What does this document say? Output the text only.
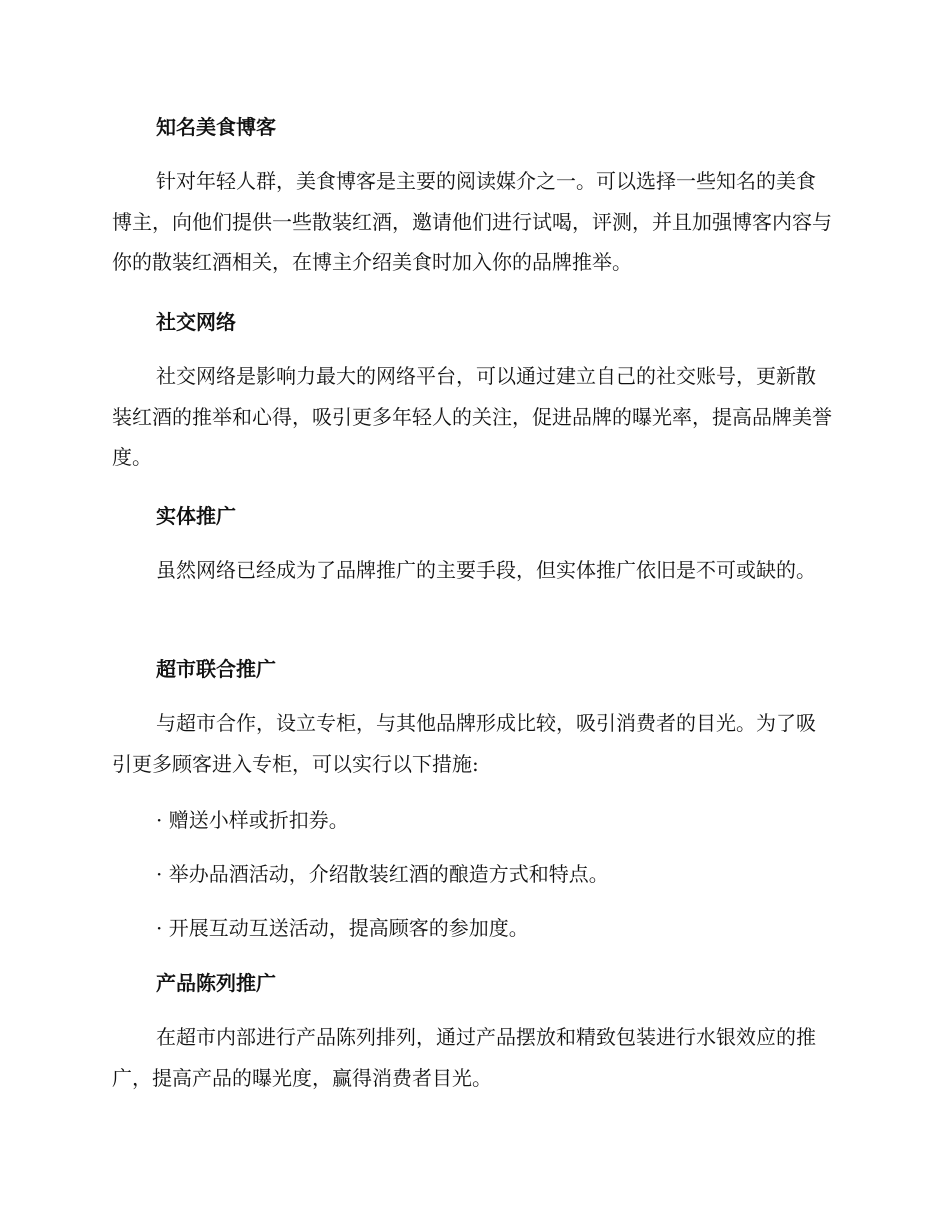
知名美食博客

针对年轻人群，美食博客是主要的阅读媒介之一。可以选择一些知名的美食博主，向他们提供一些散装红酒，邀请他们进行试喝，评测，并且加强博客内容与你的散装红酒相关，在博主介绍美食时加入你的品牌推举。

社交网络

社交网络是影响力最大的网络平台，可以通过建立自己的社交账号，更新散装红酒的推举和心得，吸引更多年轻人的关注，促进品牌的曝光率，提高品牌美誉度。

实体推广

虽然网络已经成为了品牌推广的主要手段，但实体推广依旧是不可或缺的。

超市联合推广

与超市合作，设立专柜，与其他品牌形成比较，吸引消费者的目光。为了吸引更多顾客进入专柜，可以实行以下措施:

· 赠送小样或折扣券。

· 举办品酒活动，介绍散装红酒的酿造方式和特点。

· 开展互动互送活动，提高顾客的参加度。

产品陈列推广

在超市内部进行产品陈列排列，通过产品摆放和精致包装进行水银效应的推广，提高产品的曝光度，赢得消费者目光。
